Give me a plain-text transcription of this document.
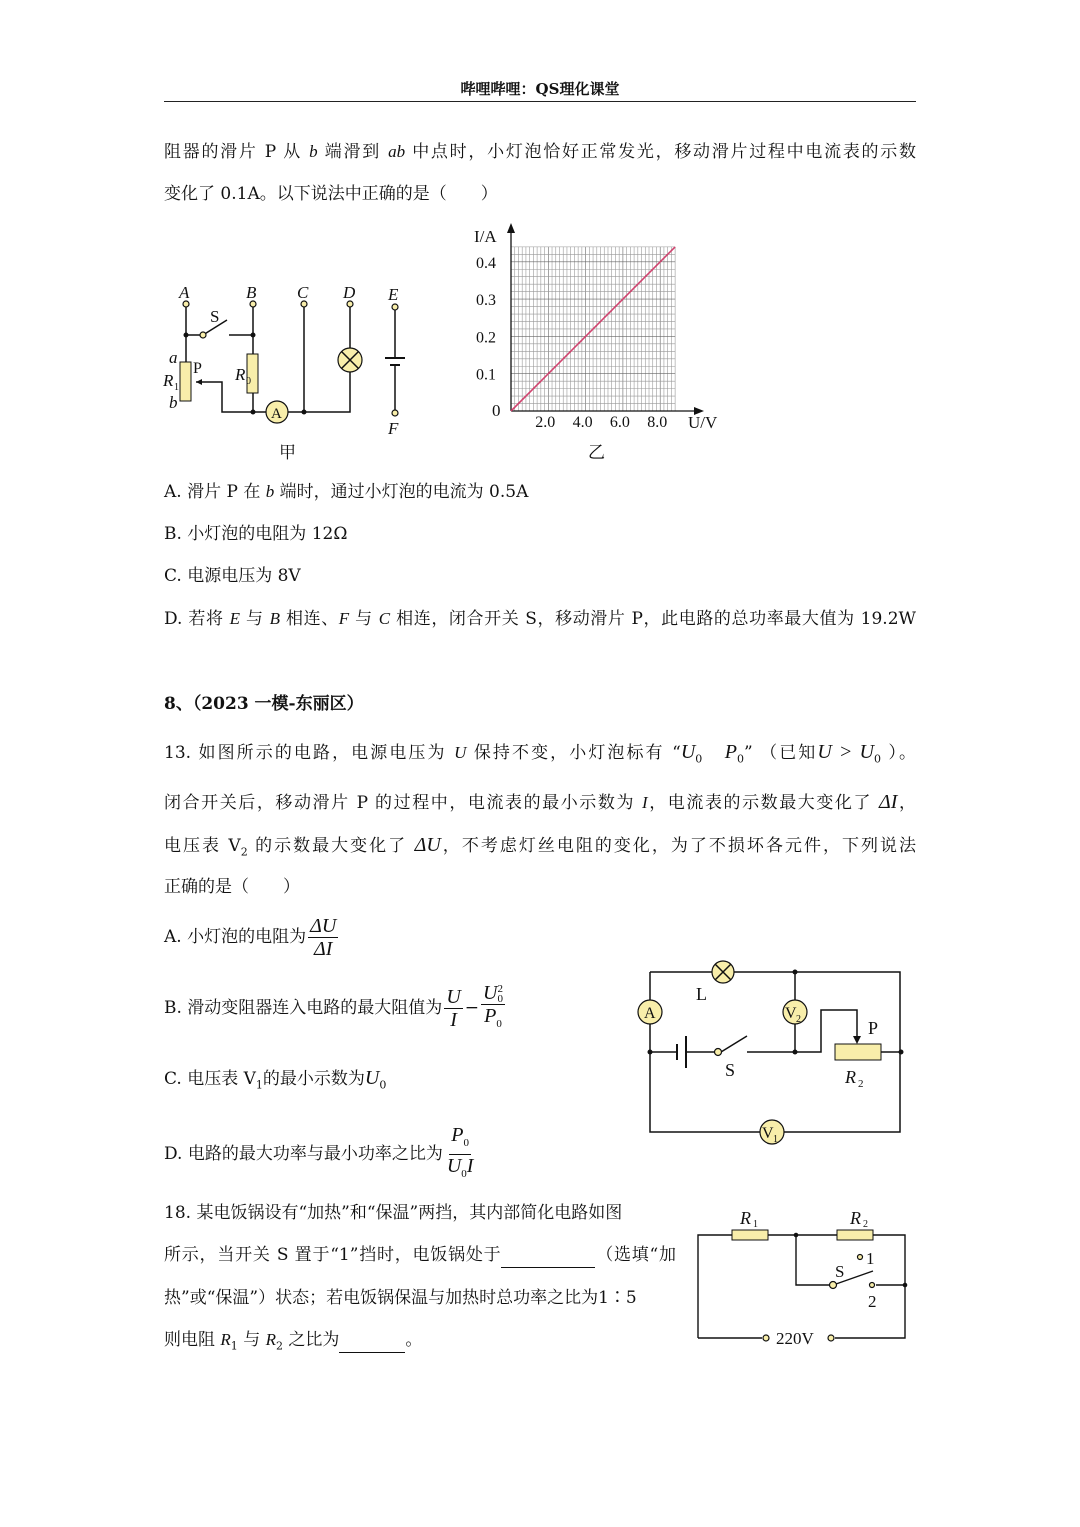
哔哩哔哩：QS理化课堂
阻器的滑片 P 从 b 端滑到 ab 中点时，小灯泡恰好正常发光，移动滑片过程中电流表的示数
变化了 0.1A。以下说法中正确的是（　　）
A	B C D E
F
a
b
R	R
1
0
P
S
A
甲
2.0 4.0 6.0 8.0
0.1
0.2
0.3
0.4
I/A
U/V
0
乙
A. 滑片 P 在 b 端时，通过小灯泡的电流为 0.5A
B. 小灯泡的电阻为 12Ω
C. 电源电压为 8V
D. 若将 E 与 B 相连、F 与 C 相连，闭合开关 S，移动滑片 P，此电路的总功率最大值为 19.2W
8、（2023 一模-东丽区）
13. 如图所示的电路，电源电压为 U 保持不变，小灯泡标有 “$U_0$ $P_0$” （已知$U > U_0$ ）。
闭合开关后，移动滑片 P 的过程中，电流表的最小示数为 I，电流表的示数最大变化了 ΔI，
电压表 $V_2$ 的示数最大变化了 ΔU，不考虑灯丝电阻的变化，为了不损坏各元件，下列说法
正确的是（　　）
A. 小灯泡的电阻为 $\frac{\Delta U}{\Delta I}$
B. 滑动变阻器连入电路的最大阻值为 $\frac{U}{I} - U$ 2
0
$P_0$
C. 电压表 $V_1$的最小示数为$U_0$
D. 电路的最大功率与最小功率之比为 $\frac{P_0}{U_0I}$
A	V 2
V 1
L
S
P
R 2
18. 某电饭锅设有“加热”和“保温”两挡，其内部简化电路如图
所示，当开关 S 置于“1”挡时，电饭锅处于	（选填“加
热”或“保温”）状态；若电饭锅保温与加热时总功率之比为1∶5
则电阻 $R_1$ 与 $R_2$ 之比为	。
R 1	R 2
S
1
2
220V
